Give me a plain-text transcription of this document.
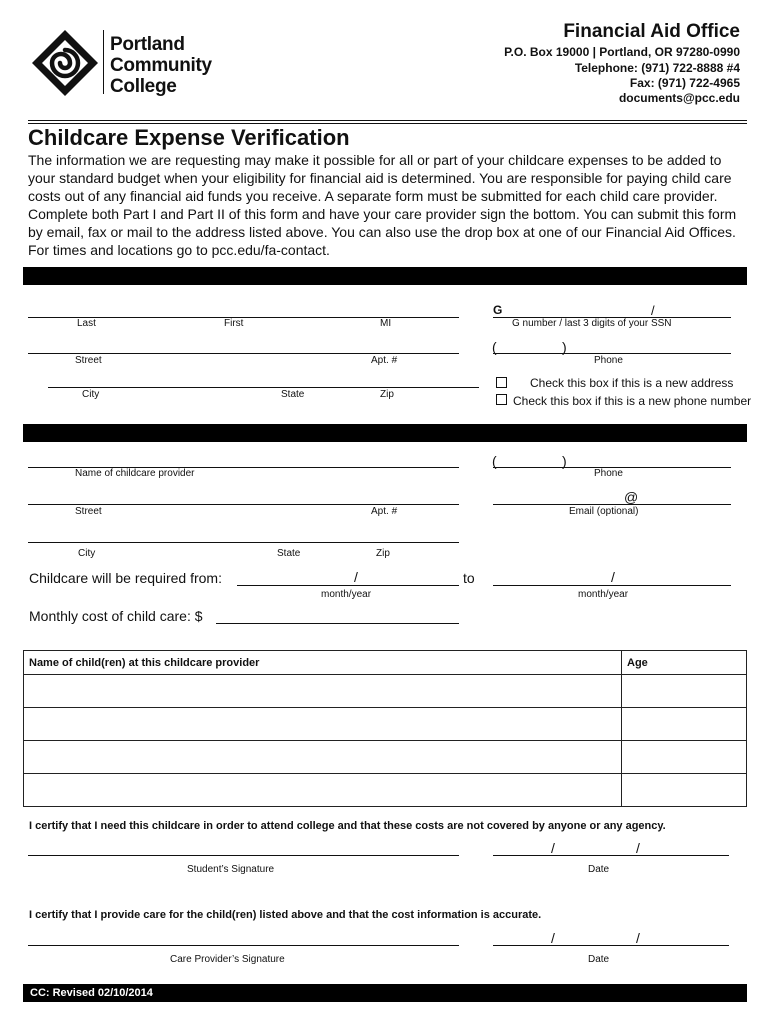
Portland
Community
College
Financial Aid Office
P.O. Box 19000 | Portland, OR 97280-0990
Telephone: (971) 722-8888 #4
Fax: (971) 722-4965
documents@pcc.edu
Childcare Expense Verification
The information we are requesting may make it possible for all or part of your childcare expenses to be added to your standard budget when your eligibility for financial aid is determined. You are responsible for paying child care costs out of any financial aid funds you receive. A separate form must be submitted for each child care provider. Complete both Part I and Part II of this form and have your care provider sign the bottom. You can submit this form by email, fax or mail to the address listed above. You can also use the drop box at one of our Financial Aid Offices. For times and locations go to pcc.edu/fa-contact.
Last	First	MI
G	/
G number / last 3 digits of your SSN
Street	Apt. #
(	)
Phone
City	State	Zip
Check this box if this is a new address
Check this box if this is a new phone number
Name of childcare provider
(	)
Phone
Street	Apt. #
@
Email (optional)
City	State	Zip
Childcare will be required from:	/
month/year
to	/
month/year
Monthly cost of child care: $
Name of child(ren) at this childcare provider	Age

I certify that I need this childcare in order to attend college and that these costs are not covered by anyone or any agency.
Student’s Signature
/	/
Date
I certify that I provide care for the child(ren) listed above and that the cost information is accurate.
Care Provider’s Signature
/	/
Date
CC: Revised 02/10/2014
